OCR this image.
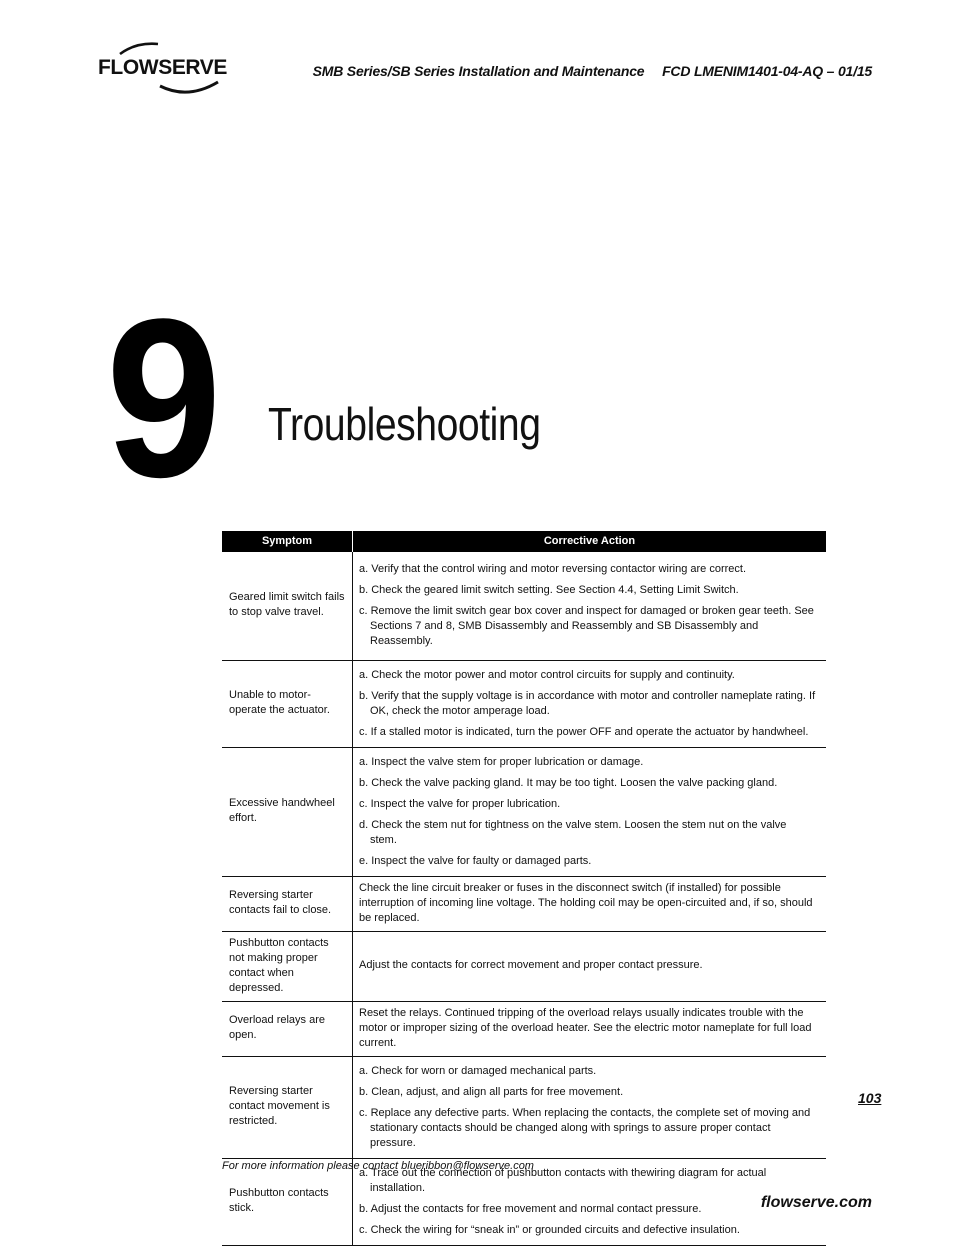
FLOWSERVE	SMB Series/SB Series Installation and Maintenance FCD LMENIM1401-04-AQ – 01/15
9 Troubleshooting
Symptom	Corrective Action
Geared limit switch fails to stop valve travel.	a. Verify that the control wiring and motor reversing contactor wiring are correct.
b. Check the geared limit switch setting. See Section 4.4, Setting Limit Switch.
c. Remove the limit switch gear box cover and inspect for damaged or broken gear teeth. See Sections 7 and 8, SMB Disassembly and Reassembly and SB Disassembly and Reassembly.

Unable to motor-operate the actuator.	a. Check the motor power and motor control circuits for supply and continuity.
b. Verify that the supply voltage is in accordance with motor and controller nameplate rating. If OK, check the motor amperage load.
c. If a stalled motor is indicated, turn the power OFF and operate the actuator by handwheel.

Excessive handwheel effort.	a. Inspect the valve stem for proper lubrication or damage.
b. Check the valve packing gland. It may be too tight. Loosen the valve packing gland.
c. Inspect the valve for proper lubrication.
d. Check the stem nut for tightness on the valve stem. Loosen the stem nut on the valve stem.
e. Inspect the valve for faulty or damaged parts.

Reversing starter contacts fail to close.	Check the line circuit breaker or fuses in the disconnect switch (if installed) for possible interruption of incoming line voltage. The holding coil may be open-circuited and, if so, should be replaced.

Pushbutton contacts not making proper contact when depressed.	Adjust the contacts for correct movement and proper contact pressure.

Overload relays are open.	Reset the relays. Continued tripping of the overload relays usually indicates trouble with the motor or improper sizing of the overload heater. See the electric motor nameplate for full load current.

Reversing starter contact movement is restricted.	a. Check for worn or damaged mechanical parts.
b. Clean, adjust, and align all parts for free movement.
c. Replace any defective parts. When replacing the contacts, the complete set of moving and stationary contacts should be changed along with springs to assure proper contact pressure.

Pushbutton contacts stick.	a. Trace out the connection of pushbutton contacts with thewiring diagram for actual installation.
b. Adjust the contacts for free movement and normal contact pressure.
c. Check the wiring for “sneak in” or grounded circuits and defective insulation.
103
For more information please contact blueribbon@flowserve.com
flowserve.com
